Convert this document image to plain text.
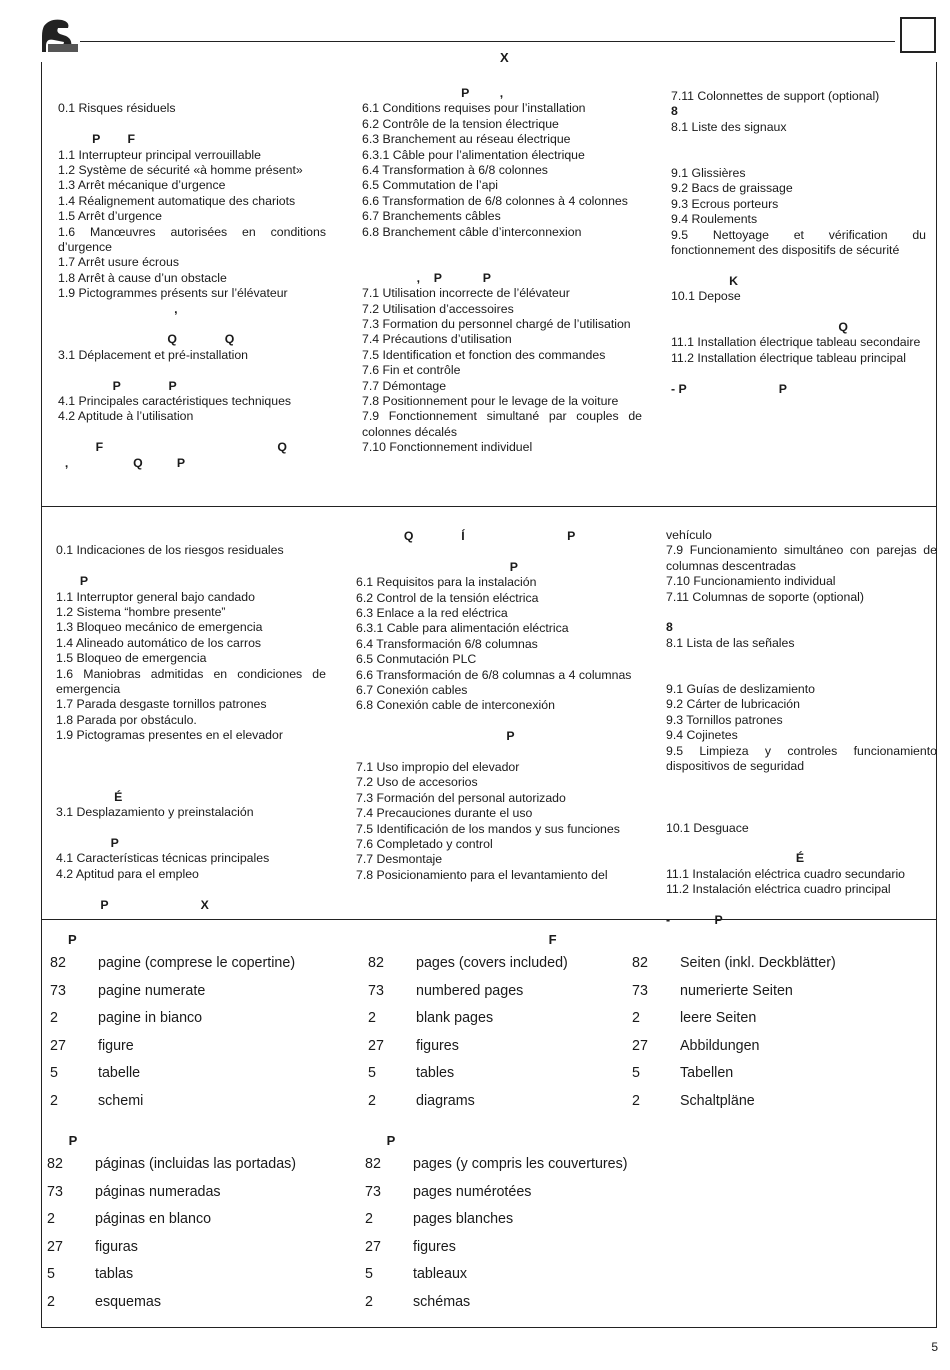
X
0.1 Risques résiduels
P        F
1.1 Interrupteur principal verrouillable
1.2 Système de sécurité «à homme présent»
1.3 Arrêt mécanique d’urgence
1.4 Réalignement automatique des chariots
1.5 Arrêt d’urgence
1.6 Manœuvres autorisées en conditions d’urgence
1.7 Arrêt usure écrous
1.8 Arrêt à cause d’un obstacle
1.9 Pictogrammes présents sur l’élévateur
,
Q              Q
3.1 Déplacement et pré-installation
P              P
4.1 Principales caractéristiques techniques
4.2 Aptitude à l’utilisation
F                                                   Q
,                   Q          P
P         ,
6.1 Conditions requises pour l’installation
6.2 Contrôle de la tension électrique
6.3 Branchement au réseau électrique
6.3.1 Câble pour l’alimentation électrique
6.4 Transformation à 6/8 colonnes
6.5 Commutation de l’api
6.6 Transformation de 6/8 colonnes à 4 colonnes
6.7 Branchements câbles
6.8 Branchement câble d’interconnexion
,    P            P
7.1 Utilisation incorrecte de l’élévateur
7.2 Utilisation d’accessoires
7.3 Formation du personnel chargé de l’utilisation
7.4 Précautions d’utilisation
7.5 Identification et fonction des commandes
7.6 Fin et contrôle
7.7 Démontage
7.8 Positionnement pour le levage de la voiture
7.9 Fonctionnement simultané par couples de colonnes décalés
7.10 Fonctionnement individuel
7.11 Colonnettes de support (optional)
8
8.1 Liste des signaux
9.1 Glissières
9.2 Bacs de graissage
9.3 Ecrous porteurs
9.4 Roulements
9.5 Nettoyage et vérification du fonctionnement des dispositifs de sécurité
K
10.1 Depose
Q
11.1 Installation électrique tableau secondaire
11.2 Installation électrique tableau principal
- P                           P
0.1 Indicaciones de los riesgos residuales
P
1.1 Interruptor general bajo candado
1.2 Sistema “hombre presente”
1.3 Bloqueo mecánico de emergencia
1.4 Alineado automático de los carros
1.5 Bloqueo de emergencia
1.6 Maniobras admitidas en condiciones de emergencia
1.7 Parada desgaste tornillos patrones
1.8 Parada por obstáculo.
1.9 Pictogramas presentes en el elevador
É
3.1 Desplazamiento y preinstalación
P
4.1 Características técnicas principales
4.2 Aptitud para el empleo
P                           X
Q              Í                              P
P
6.1 Requisitos para la instalación
6.2 Control de la tensión eléctrica
6.3 Enlace a la red eléctrica
6.3.1 Cable para alimentación eléctrica
6.4 Transformación 6/8 columnas
6.5 Conmutación PLC
6.6 Transformación de 6/8 columnas a 4 columnas
6.7 Conexión cables
6.8 Conexión cable de interconexión
P
7.1 Uso impropio del elevador
7.2 Uso de accesorios
7.3 Formación del personal autorizado
7.4 Precauciones durante el uso
7.5 Identificación de los mandos y sus funciones
7.6 Completado y control
7.7 Desmontaje
7.8 Posicionamiento para el levantamiento del
vehículo
7.9 Funcionamiento simultáneo con parejas de columnas descentradas
7.10 Funcionamiento individual
7.11 Columnas de soporte (optional)
8
8.1 Lista de las señales
9.1 Guías de deslizamiento
9.2 Cárter de lubricación
9.3 Tornillos patrones
9.4 Cojinetes
9.5 Limpieza y controles funcionamiento dispositivos de seguridad
10.1 Desguace
É
11.1 Instalación eléctrica cuadro secundario
11.2 Instalación eléctrica cuadro principal
-             P
P
82	pagine (comprese le copertine)
73	pagine numerate
2	pagine in bianco
27	figure
5	tabelle
2	schemi
F
82	pages (covers included)
73	numbered pages
2	blank pages
27	figures
5	tables
2	diagrams
82	Seiten (inkl. Deckblätter)
73	numerierte Seiten
2	leere Seiten
27	Abbildungen
5	Tabellen
2	Schaltpläne
P
82	páginas (incluidas las portadas)
73	páginas numeradas
2	páginas en blanco
27	figuras
5	tablas
2	esquemas
P
82	pages (y compris les couvertures)
73	pages numérotées
2	pages blanches
27	figures
5	tableaux
2	schémas
5
